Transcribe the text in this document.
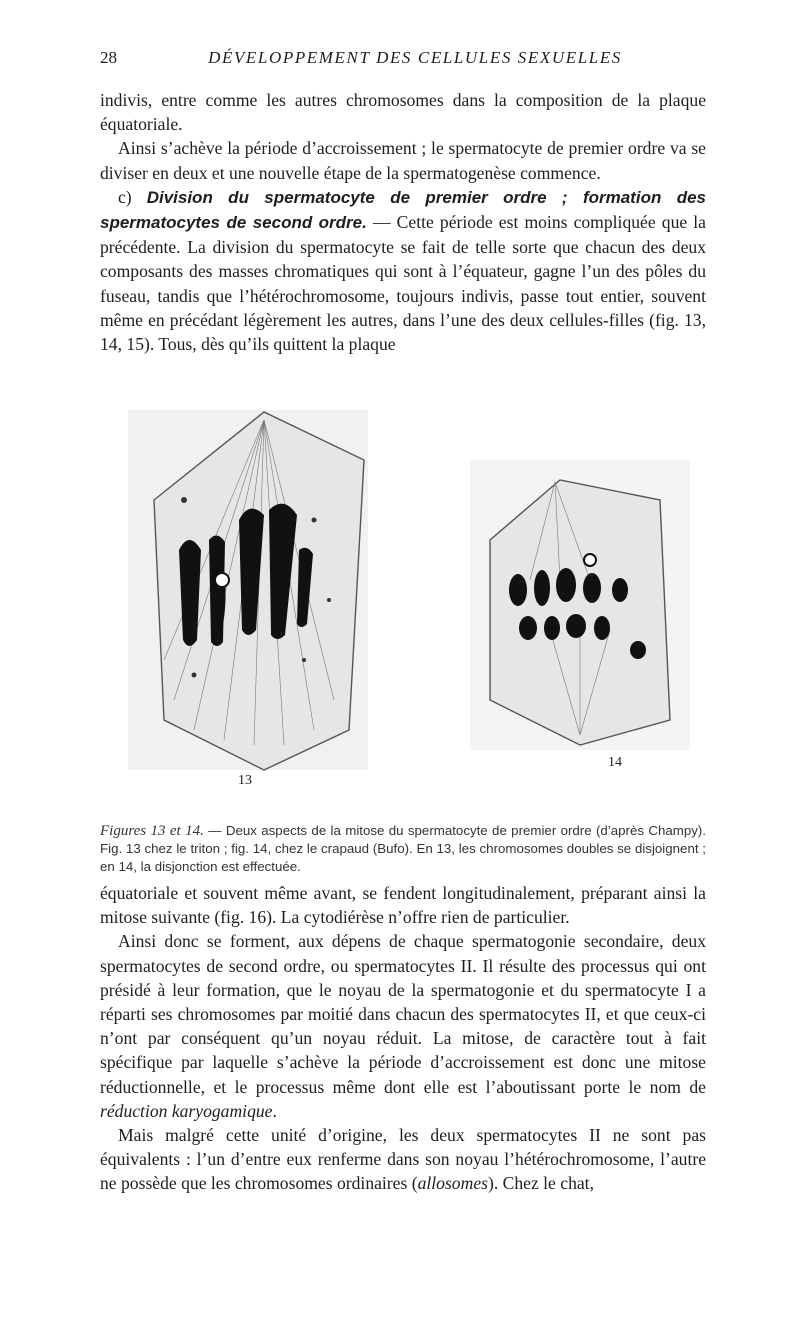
28	DÉVELOPPEMENT DES CELLULES SEXUELLES

indivis, entre comme les autres chromosomes dans la composition de la plaque équatoriale.

Ainsi s’achève la période d’accroissement ; le spermatocyte de premier ordre va se diviser en deux et une nouvelle étape de la spermatogenèse commence.

c) Division du spermatocyte de premier ordre ; formation des spermatocytes de second ordre. — Cette période est moins compliquée que la précédente. La division du spermatocyte se fait de telle sorte que chacun des deux composants des masses chromatiques qui sont à l’équateur, gagne l’un des pôles du fuseau, tandis que l’hétérochromosome, toujours indivis, passe tout entier, souvent même en précédant légèrement les autres, dans l’une des deux cellules-filles (fig. 13, 14, 15). Tous, dès qu’ils quittent la plaque

13
14
Figures 13 et 14. — Deux aspects de la mitose du spermatocyte de premier ordre (d’après Champy). Fig. 13 chez le triton ; fig. 14, chez le crapaud (Bufo). En 13, les chromosomes doubles se disjoignent ; en 14, la disjonction est effectuée.

équatoriale et souvent même avant, se fendent longitudinalement, préparant ainsi la mitose suivante (fig. 16). La cytodiérèse n’offre rien de particulier.

Ainsi donc se forment, aux dépens de chaque spermatogonie secondaire, deux spermatocytes de second ordre, ou spermatocytes II. Il résulte des processus qui ont présidé à leur formation, que le noyau de la spermatogonie et du spermatocyte I a réparti ses chromosomes par moitié dans chacun des spermatocytes II, et que ceux-ci n’ont par conséquent qu’un noyau réduit. La mitose, de caractère tout à fait spécifique par laquelle s’achève la période d’accroissement est donc une mitose réductionnelle, et le processus même dont elle est l’aboutissant porte le nom de réduction karyogamique.

Mais malgré cette unité d’origine, les deux spermatocytes II ne sont pas équivalents : l’un d’entre eux renferme dans son noyau l’hétérochromosome, l’autre ne possède que les chromosomes ordinaires (allosomes). Chez le chat,
